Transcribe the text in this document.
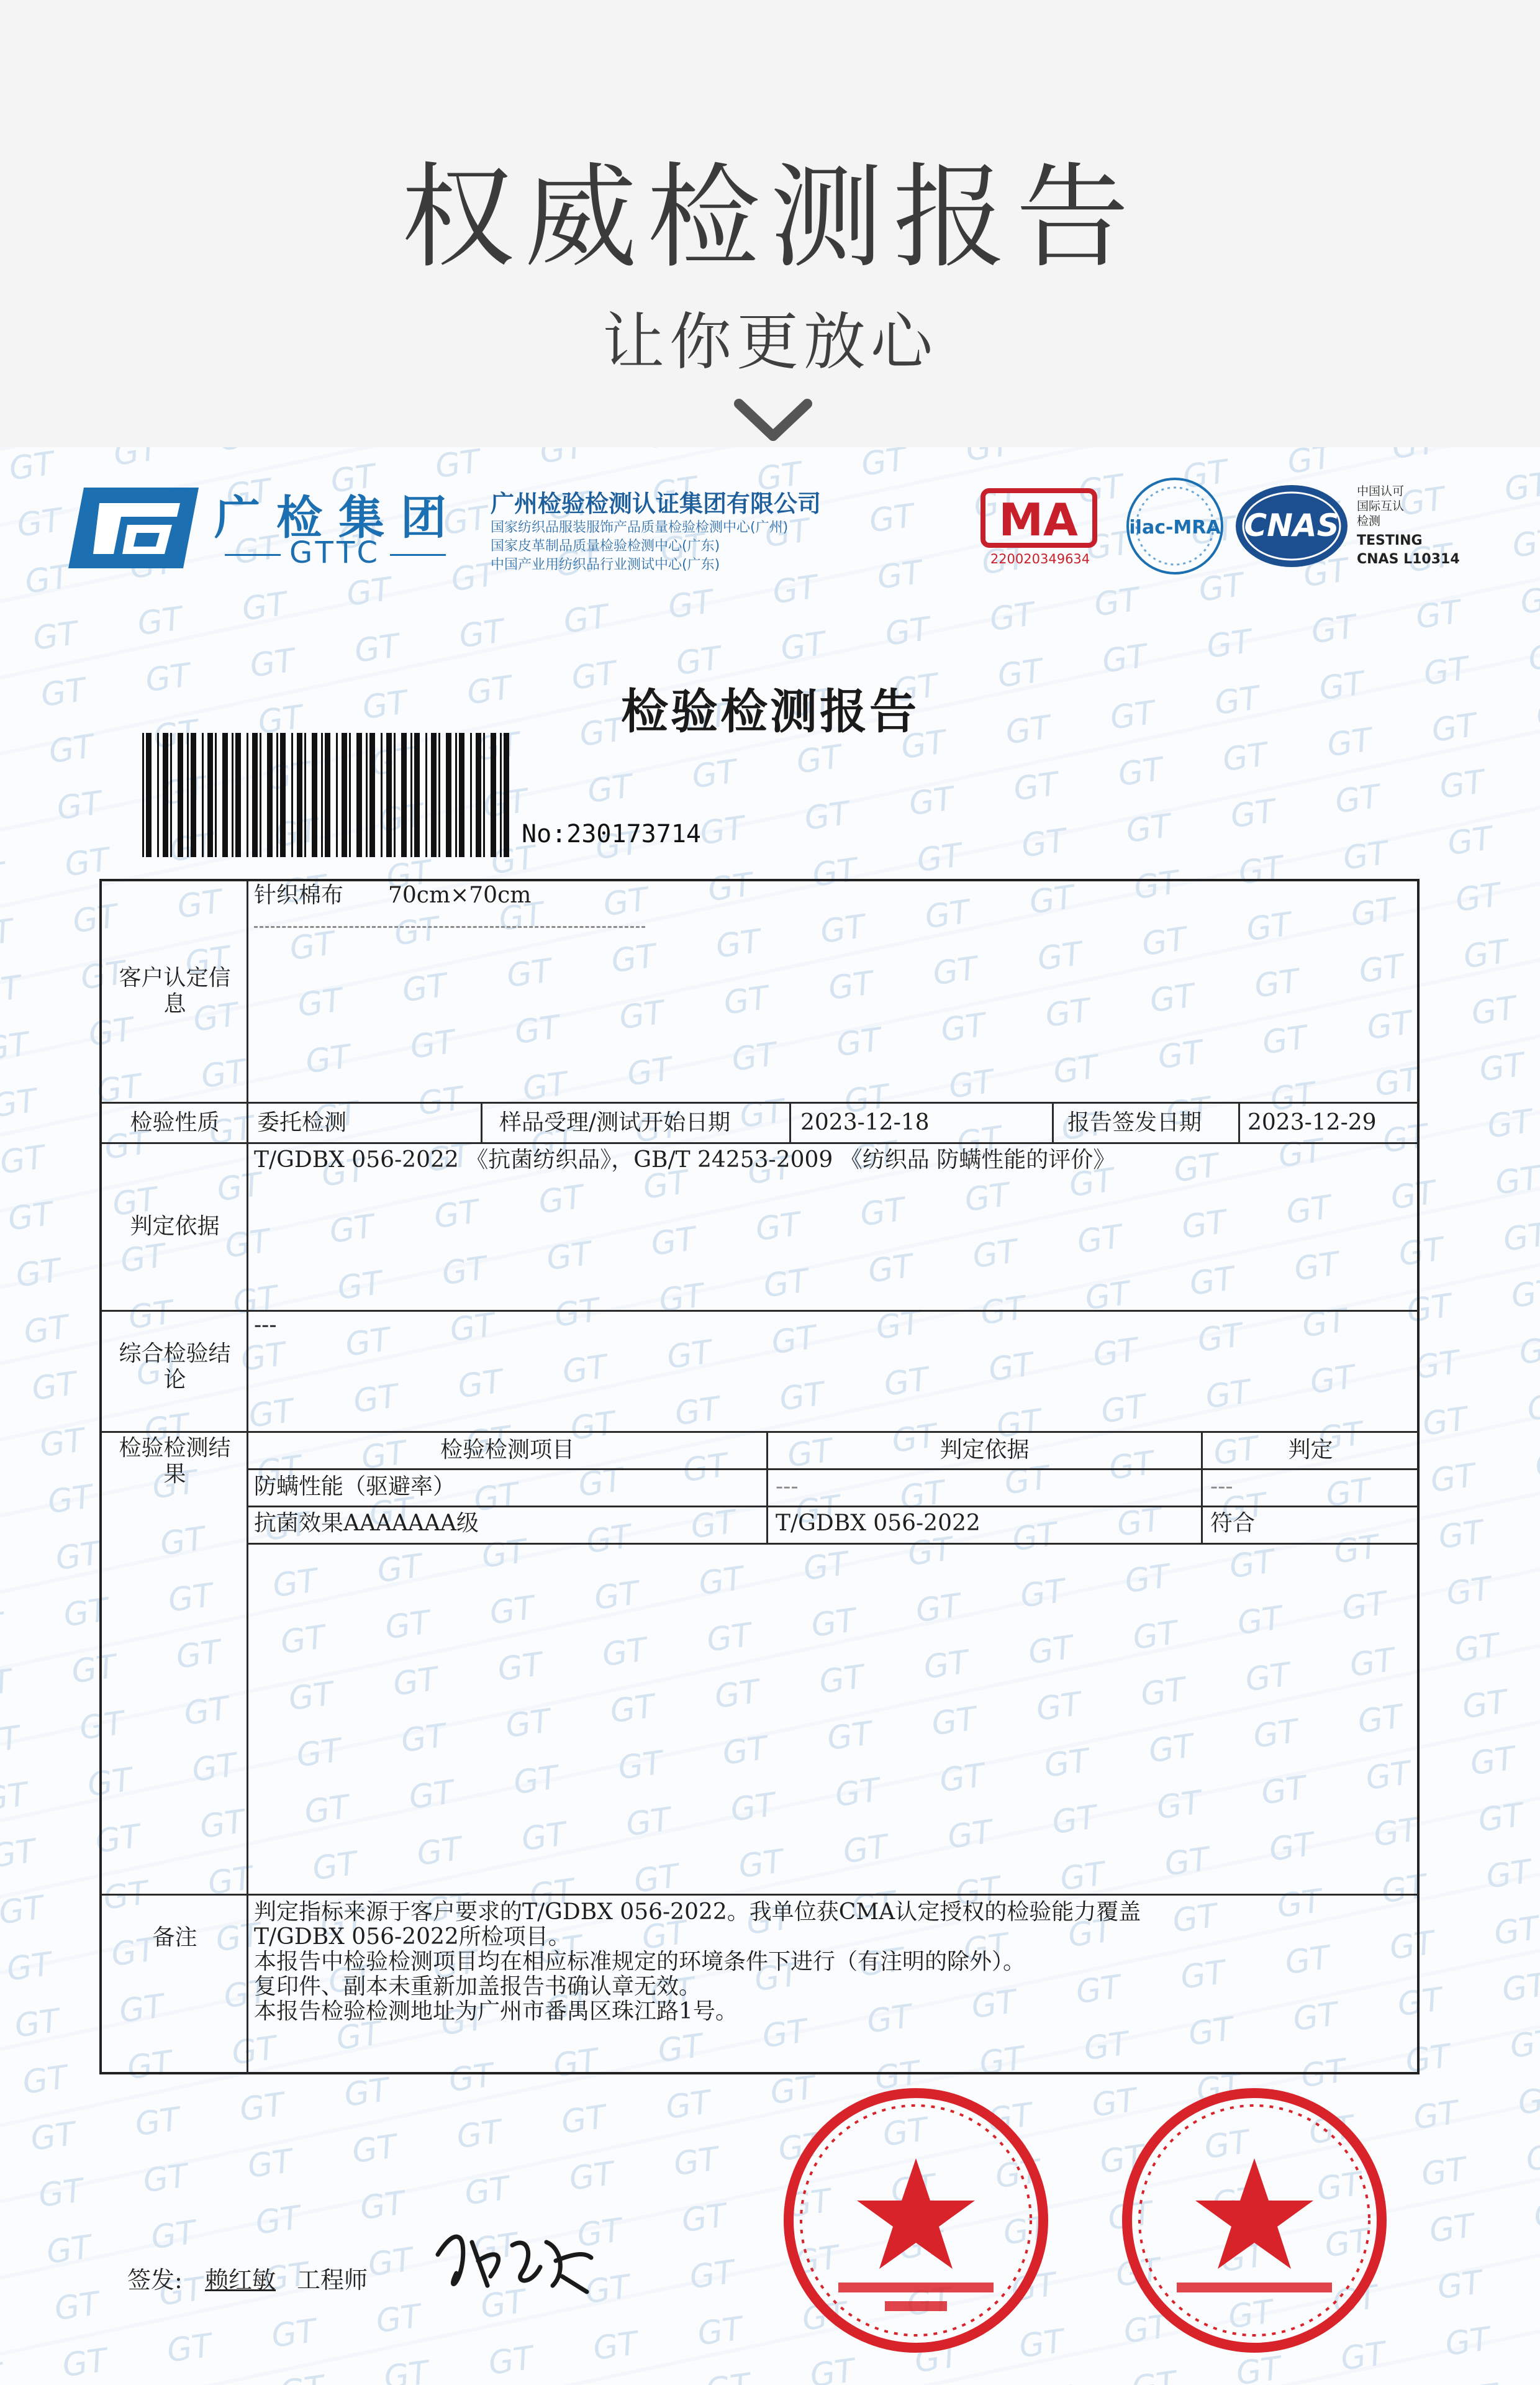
权威检测报告
让你更放心
广检集团
GTTC
广州检验检测认证集团有限公司
国家纺织品服装服饰产品质量检验检测中心(广州)
国家皮革制品质量检验检测中心(广东)
中国产业用纺织品行业测试中心(广东)
MA
220020349634
ilac-MRA CNAS
中国认可
国际互认
检测
TESTING
CNAS L10314
检验检测报告
No:230173714
客户认定信息
针织棉布　　70cm×70cm
检验性质	委托检测	样品受理/测试开始日期	2023-12-18	报告签发日期 2023-12-29
判定依据
T/GDBX 056-2022 《抗菌纺织品》，GB/T 24253-2009 《纺织品 防螨性能的评价》
综合检验结论
---
检验检测结果
检验检测项目	判定依据	判定
防螨性能（驱避率）	---	---
抗菌效果AAAAAAA级	T/GDBX 056-2022	符合
备注
判定指标来源于客户要求的T/GDBX 056-2022。我单位获CMA认定授权的检验能力覆盖
T/GDBX 056-2022所检项目。
本报告中检验检测项目均在相应标准规定的环境条件下进行（有注明的除外）。
复印件、副本未重新加盖报告书确认章无效。
本报告检验检测地址为广州市番禺区珠江路1号。
签发: 赖红敏 工程师
